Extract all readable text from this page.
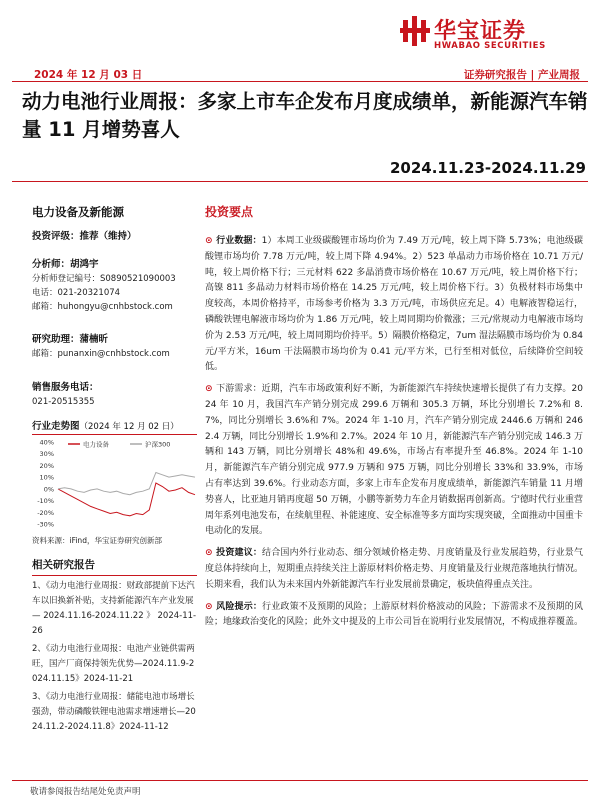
华宝证券
HWABAO SECURITIES
2024 年 12 月 03 日	证券研究报告 | 产业周报
动力电池行业周报：多家上市车企发布月度成绩单，新能源汽车销量 11 月增势喜人
2024.11.23-2024.11.29
电力设备及新能源
投资评级：推荐（维持）
分析师：胡鸿宇
分析师登记编号：S0890521090003
电话：021-20321074
邮箱：huhongyu@cnhbstock.com
研究助理：蒲楠昕
邮箱：punanxin@cnhbstock.com
销售服务电话：
021-20515355
行业走势图（2024 年 12 月 02 日）
40%
30%
20%
10%
0%
-10%
-20%
-30%
电力设备	沪深300
资料来源：iFind，华宝证券研究创新部
相关研究报告
1、《动力电池行业周报：财政部提前下达汽车以旧换新补贴，支持新能源汽车产业发展 — 2024.11.16-2024.11.22 》 2024-11-26
2、《动力电池行业周报：电池产业链供需两旺，国产厂商保持领先优势—2024.11.9-2024.11.15》2024-11-21
3、《动力电池行业周报：储能电池市场增长强劲，带动磷酸铁锂电池需求增速增长—2024.11.2-2024.11.8》2024-11-12
投资要点
⊙ 行业数据：1）本周工业级碳酸锂市场均价为 7.49 万元/吨，较上周下降 5.73%；电池级碳酸锂市场均价 7.78 万元/吨，较上周下降 4.94%。2）523 单晶动力市场价格在 10.71 万元/吨，较上周价格下行；三元材料 622 多晶消费市场价格在 10.67 万元/吨，较上周价格下行；高镍 811 多晶动力材料市场价格在 14.25 万元/吨，较上周价格下行。3）负极材料市场集中度较高，本周价格持平，市场参考价格为 3.3 万元/吨，市场供应充足。4）电解液智稳运行，磷酸铁锂电解液市场均价为 1.86 万元/吨，较上周同期均价微涨；三元/常规动力电解液市场均价为 2.53 万元/吨，较上周同期均价持平。5）隔膜价格稳定，7um 湿法隔膜市场均价为 0.84 元/平方米，16um 干法隔膜市场均价为 0.41 元/平方米，已行至相对低位，后续降价空间较低。
⊙ 下游需求：近期，汽车市场政策利好不断，为新能源汽车持续快速增长提供了有力支撑。2024 年 10 月，我国汽车产销分别完成 299.6 万辆和 305.3 万辆，环比分别增长 7.2%和 8.7%，同比分别增长 3.6%和 7%。2024 年 1-10 月，汽车产销分别完成 2446.6 万辆和 2462.4 万辆，同比分别增长 1.9%和 2.7%。2024 年 10 月，新能源汽车产销分别完成 146.3 万辆和 143 万辆，同比分别增长 48%和 49.6%，市场占有率提升至 46.8%。2024 年 1-10 月，新能源汽车产销分别完成 977.9 万辆和 975 万辆，同比分别增长 33%和 33.9%，市场占有率达到 39.6%。行业动态方面，多家上市车企发布月度成绩单，新能源汽车销量 11 月增势喜人，比亚迪月销再度超 50 万辆，小鹏等新势力车企月销数据再创新高。宁德时代行业重营周年系列电池发布，在续航里程、补能速度、安全标准等多方面均实现突破，全面推动中国重卡电动化的发展。
⊙ 投资建议：结合国内外行业动态、细分领域价格走势、月度销量及行业发展趋势，行业景气度总体持续向上，短期重点持续关注上游原材料价格走势、月度销量及行业规范落地执行情况。长期来看，我们认为未来国内外新能源汽车行业发展前景确定，板块值得重点关注。
⊙ 风险提示：行业政策不及预期的风险；上游原材料价格波动的风险；下游需求不及预期的风险；地缘政治变化的风险；此外文中提及的上市公司旨在说明行业发展情况，不构成推荐覆盖。
敬请参阅报告结尾处免责声明
